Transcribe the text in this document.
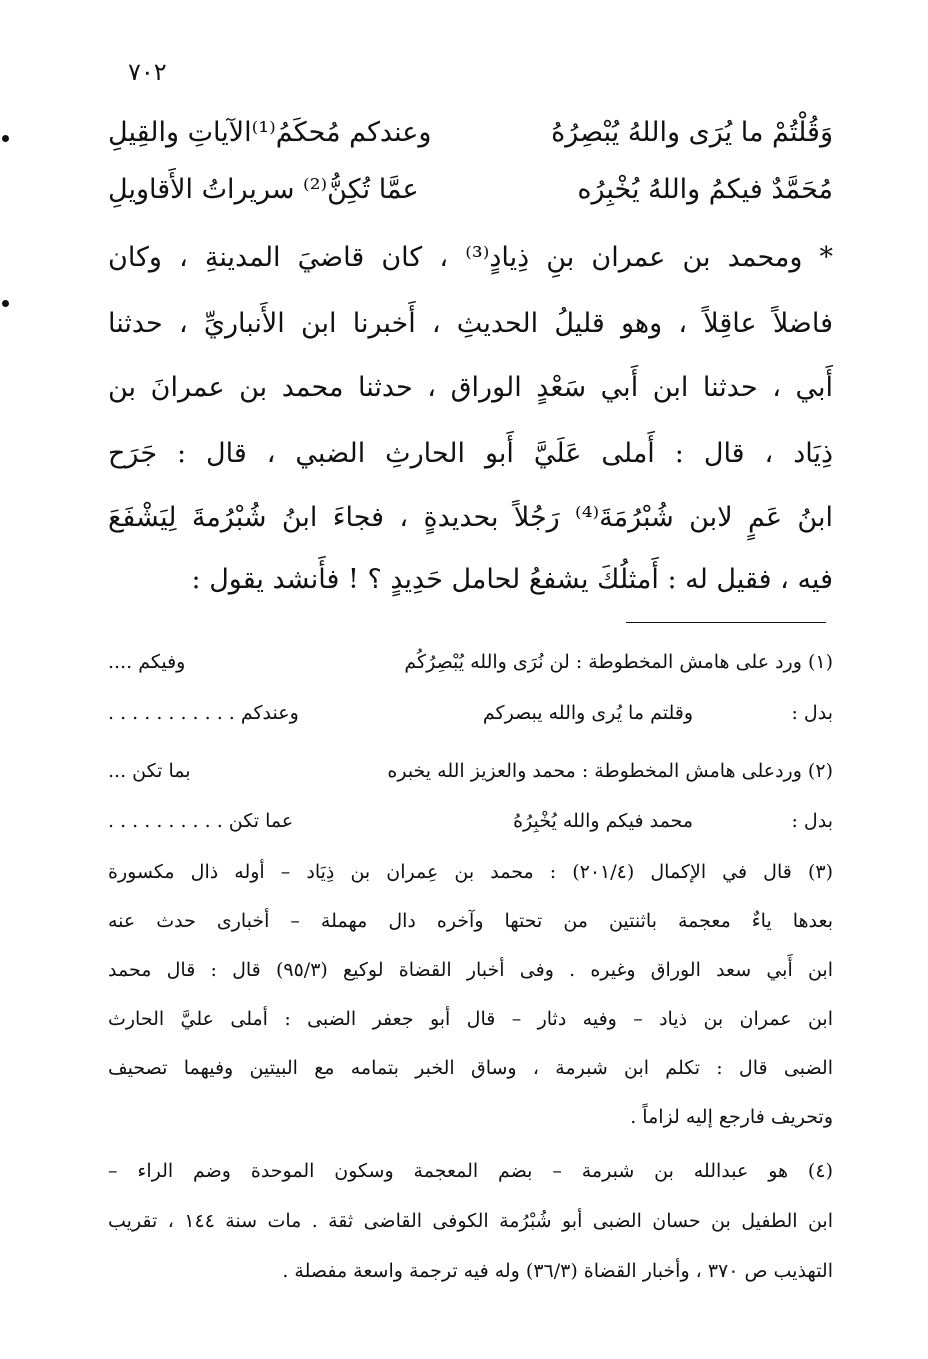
٧٠٢
وَقُلْتُمْ ما يُرَى واللهُ يُبْصِرُهُ
وعندكم مُحكَمُ⁽¹⁾الآياتِ والقِيلِ
مُحَمَّدٌ فيكمُ واللهُ يُخْبِرُه
عمَّا تُكِنُّ⁽²⁾ سريراتُ الأَقاويلِ
* ومحمد بن عمران بنِ ذِيادٍ⁽³⁾ ، كان قاضيَ المدينةِ ، وكان
فاضلاً عاقِلاً ، وهو قليلُ الحديثِ ، أَخبرنا ابن الأَنباريِّ ، حدثنا
أَبي ، حدثنا ابن أَبي سَعْدٍ الوراق ، حدثنا محمد بن عمرانَ بن
ذِيَاد ، قال : أَملى عَلَيَّ أَبو الحارثِ الضبي ، قال : جَرَح
ابنُ عَمٍ لابن شُبْرُمَةَ⁽⁴⁾ رَجُلاً بحديدةٍ ، فجاءَ ابنُ شُبْرُمةَ لِيَشْفَعَ
فيه ، فقيل له : أَمثلُكَ يشفعُ لحامل حَدِيدٍ ؟ ! فأَنشد يقول :
(١) ورد على هامش المخطوطة : لن نُرَى والله يُبْصِرُكُم
وفيكم ....
بدل :
وقلتم ما يُرى والله يبصركم
وعندكم . . . . . . . . . . .
(٢) وردعلى هامش المخطوطة : محمد والعزيز الله يخبره
بما تكن ...
بدل :
محمد فيكم والله يُخْبِرُهُ
عما تكن . . . . . . . . . .
(٣) قال في الإكمال (٢٠١/٤) : محمد بن عِمران بن ذِيَاد – أوله ذال مكسورة
بعدها ياءٌ معجمة باثنتين من تحتها وآخره دال مهملة – أخبارى حدث عنه
ابن أَبي سعد الوراق وغيره . وفى أخبار القضاة لوكيع (٩٥/٣) قال : قال محمد
ابن عمران بن ذياد – وفيه دثار – قال أبو جعفر الضبى : أملى عليَّ الحارث
الضبى قال : تكلم ابن شبرمة ، وساق الخبر بتمامه مع البيتين وفيهما تصحيف
وتحريف فارجع إليه لزاماً .
(٤) هو عبدالله بن شبرمة – بضم المعجمة وسكون الموحدة وضم الراء –
ابن الطفيل بن حسان الضبى أبو شُبْرُمة الكوفى القاضى ثقة . مات سنة ١٤٤ ، تقريب
التهذيب ص ٣٧٠ ، وأخبار القضاة (٣٦/٣) وله فيه ترجمة واسعة مفصلة .
